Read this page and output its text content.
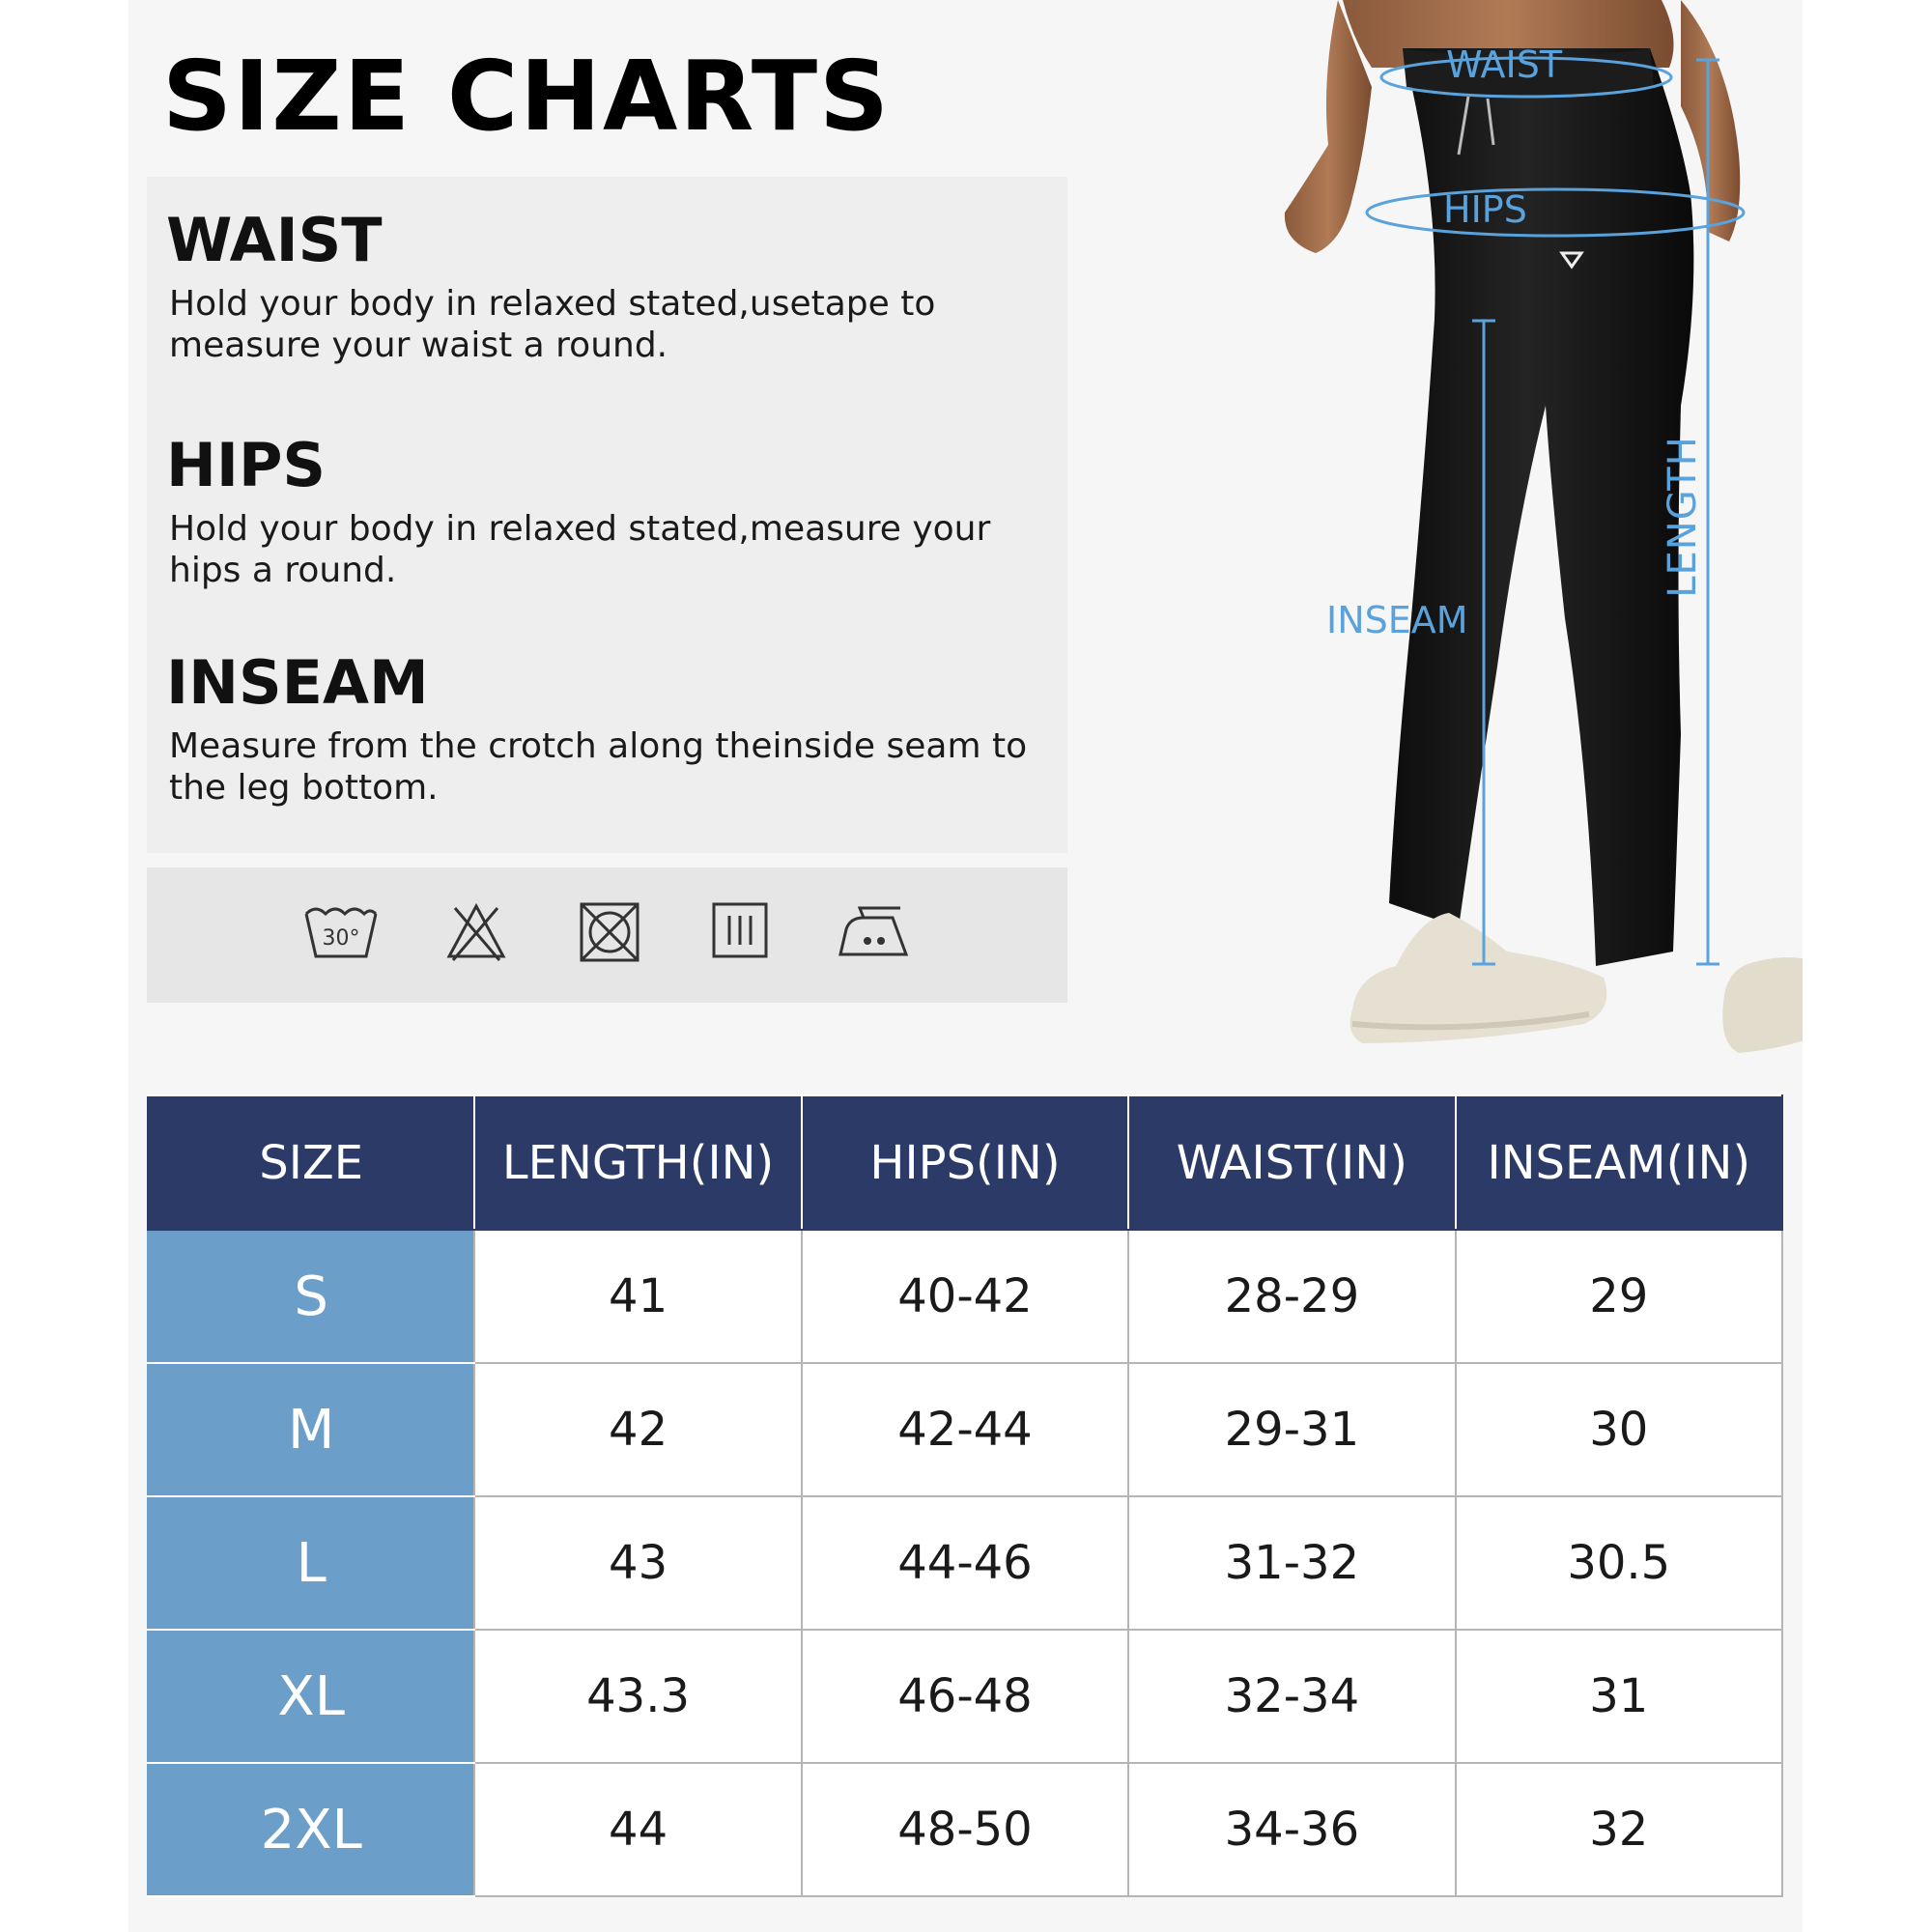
SIZE CHARTS
WAIST
Hold your body in relaxed stated,usetape to measure your waist a round.
HIPS
Hold your body in relaxed stated,measure your hips a round.
INSEAM
Measure from the crotch along theinside seam to the leg bottom.
30°
WAIST
HIPS
INSEAM
LENGTH
SIZE	LENGTH(IN)	HIPS(IN)	WAIST(IN)	INSEAM(IN)
S	41	40-42	28-29	29
M	42	42-44	29-31	30
L	43	44-46	31-32	30.5
XL	43.3	46-48	32-34	31
2XL	44	48-50	34-36	32
